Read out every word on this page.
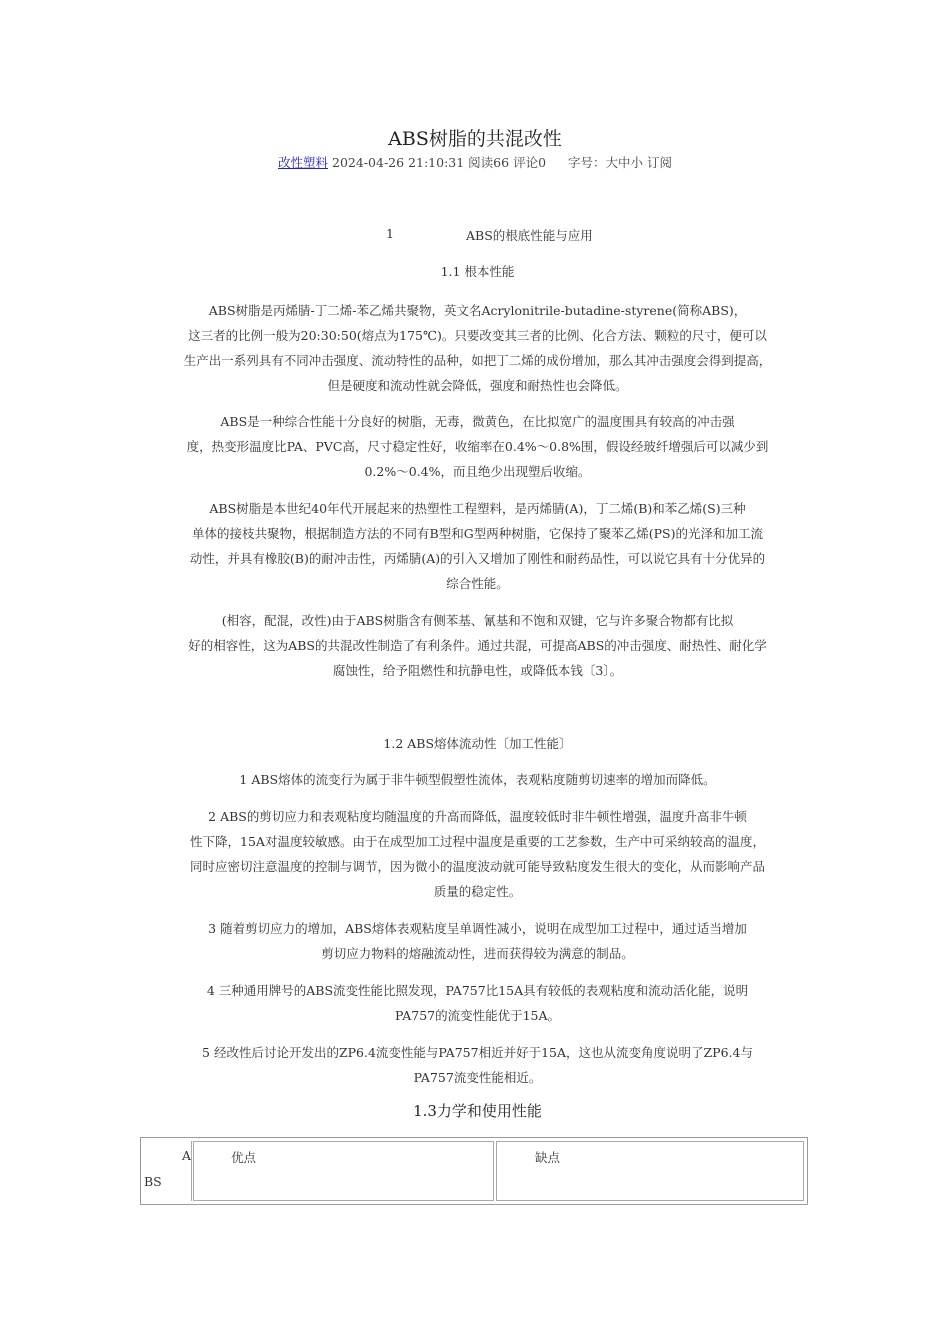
ABS树脂的共混改性
改性塑料 2024-04-26 21:10:31 阅读66 评论0 字号：大中小 订阅
1	ABS的根底性能与应用
1.1 根本性能
ABS树脂是丙烯腈-丁二烯-苯乙烯共聚物，英文名Acrylonitrile-butadine-styrene(简称ABS)，
这三者的比例一般为20:30:50(熔点为175℃)。只要改变其三者的比例、化合方法、颗粒的尺寸，便可以
生产出一系列具有不同冲击强度、流动特性的品种，如把丁二烯的成份增加，那么其冲击强度会得到提高，
但是硬度和流动性就会降低，强度和耐热性也会降低。
ABS是一种综合性能十分良好的树脂，无毒，微黄色，在比拟宽广的温度围具有较高的冲击强
度，热变形温度比PA、PVC高，尺寸稳定性好，收缩率在0.4%～0.8%围，假设经玻纤增强后可以减少到
0.2%～0.4%，而且绝少出现塑后收缩。
ABS树脂是本世纪40年代开展起来的热塑性工程塑料，是丙烯腈(A)，丁二烯(B)和苯乙烯(S)三种
单体的接枝共聚物，根据制造方法的不同有B型和G型两种树脂，它保持了聚苯乙烯(PS)的光泽和加工流
动性，并具有橡胶(B)的耐冲击性，丙烯腈(A)的引入又增加了刚性和耐药品性，可以说它具有十分优异的
综合性能。
(相容，配混，改性)由于ABS树脂含有侧苯基、氰基和不饱和双键，它与许多聚合物都有比拟
好的相容性，这为ABS的共混改性制造了有利条件。通过共混，可提高ABS的冲击强度、耐热性、耐化学
腐蚀性，给予阻燃性和抗静电性，或降低本钱〔3〕。
1.2 ABS熔体流动性〔加工性能〕
1 ABS熔体的流变行为属于非牛顿型假塑性流体，表观粘度随剪切速率的增加而降低。
2 ABS的剪切应力和表观粘度均随温度的升高而降低，温度较低时非牛顿性增强，温度升高非牛顿
性下降，15A对温度较敏感。由于在成型加工过程中温度是重要的工艺参数，生产中可采纳较高的温度，
同时应密切注意温度的控制与调节，因为微小的温度波动就可能导致粘度发生很大的变化，从而影响产品
质量的稳定性。
3 随着剪切应力的增加，ABS熔体表观粘度呈单调性减小，说明在成型加工过程中，通过适当增加
剪切应力物料的熔融流动性，进而获得较为满意的制品。
4 三种通用牌号的ABS流变性能比照发现，PA757比15A具有较低的表观粘度和流动活化能，说明
PA757的流变性能优于15A。
5 经改性后讨论开发出的ZP6.4流变性能与PA757相近并好于15A，这也从流变角度说明了ZP6.4与
PA757流变性能相近。
1.3力学和使用性能
A
BS
优点	缺点
